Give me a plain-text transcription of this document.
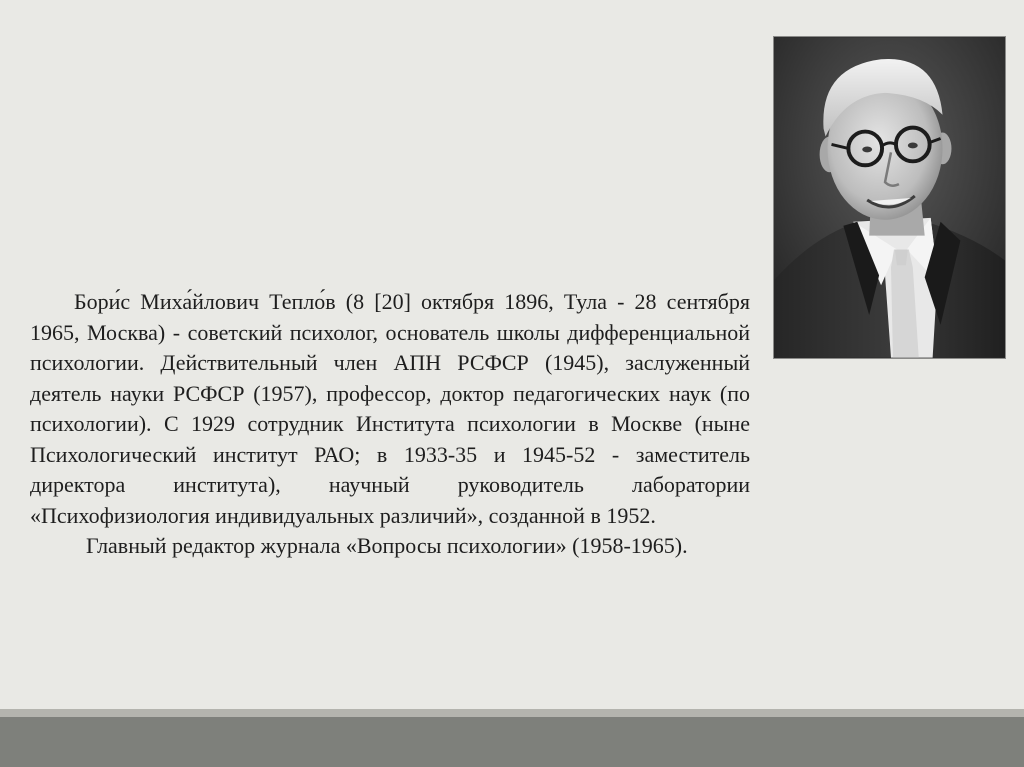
Бори́с Миха́йлович Тепло́в (8 [20] октября 1896, Тула - 28 сентября 1965, Москва) - советский психолог, основатель школы дифференциальной психологии. Действительный член АПН РСФСР (1945), заслуженный деятель науки РСФСР (1957), профессор, доктор педагогических наук (по психологии). С 1929 сотрудник Института психологии в Москве (ныне Психологический институт РАО; в 1933-35 и 1945-52 - заместитель директора института), научный руководитель лаборатории «Психофизиология индивидуальных различий», созданной в 1952.

Главный редактор журнала «Вопросы психологии» (1958-1965).
